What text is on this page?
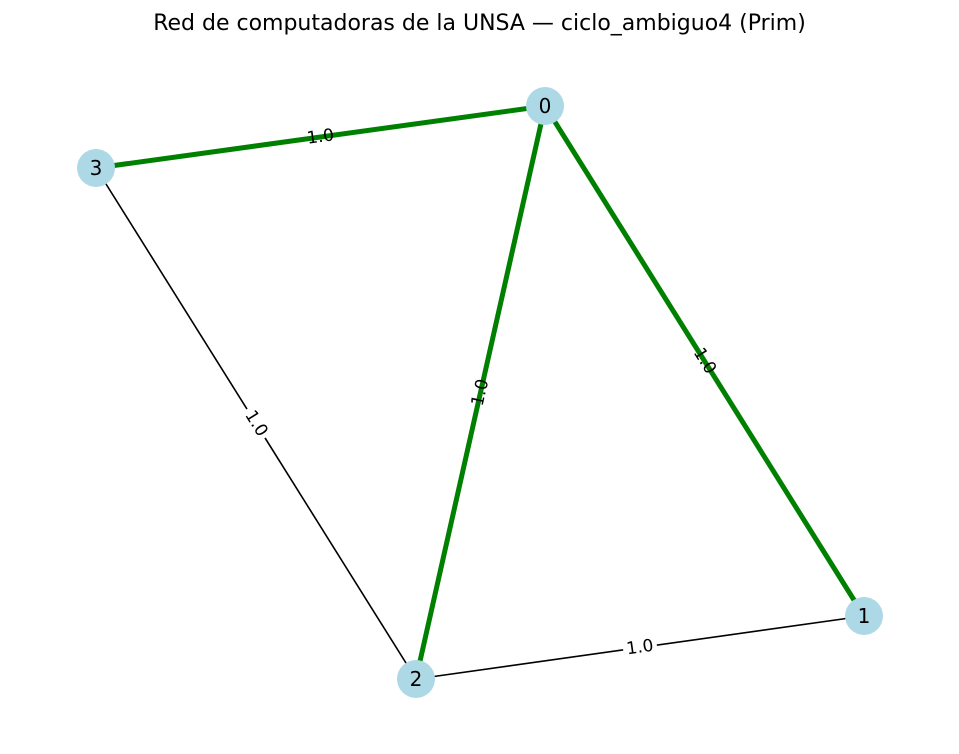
Red de computadoras de la UNSA — ciclo_ambiguo4 (Prim)
1.0
1.0
1.0
1.0
1.0
0
1
2
3
